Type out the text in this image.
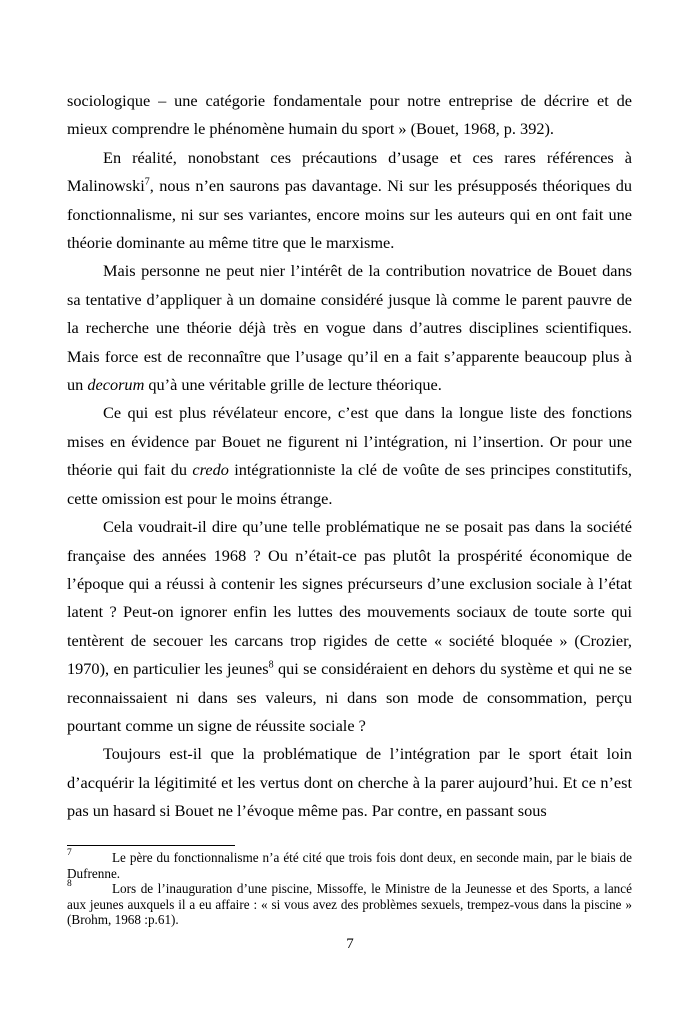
sociologique – une catégorie fondamentale pour notre entreprise de décrire et de mieux comprendre le phénomène humain du sport » (Bouet, 1968, p. 392).

En réalité, nonobstant ces précautions d’usage et ces rares références à Malinowski$^7$, nous n’en saurons pas davantage. Ni sur les présupposés théoriques du fonctionnalisme, ni sur ses variantes, encore moins sur les auteurs qui en ont fait une théorie dominante au même titre que le marxisme.

Mais personne ne peut nier l’intérêt de la contribution novatrice de Bouet dans sa tentative d’appliquer à un domaine considéré jusque là comme le parent pauvre de la recherche une théorie déjà très en vogue dans d’autres disciplines scientifiques. Mais force est de reconnaître que l’usage qu’il en a fait s’apparente beaucoup plus à un decorum qu’à une véritable grille de lecture théorique.

Ce qui est plus révélateur encore, c’est que dans la longue liste des fonctions mises en évidence par Bouet ne figurent ni l’intégration, ni l’insertion. Or pour une théorie qui fait du credo intégrationniste la clé de voûte de ses principes constitutifs, cette omission est pour le moins étrange.

Cela voudrait-il dire qu’une telle problématique ne se posait pas dans la société française des années 1968 ? Ou n’était-ce pas plutôt la prospérité économique de l’époque qui a réussi à contenir les signes précurseurs d’une exclusion sociale à l’état latent ? Peut-on ignorer enfin les luttes des mouvements sociaux de toute sorte qui tentèrent de secouer les carcans trop rigides de cette « société bloquée » (Crozier, 1970), en particulier les jeunes$^8$ qui se considéraient en dehors du système et qui ne se reconnaissaient ni dans ses valeurs, ni dans son mode de consommation, perçu pourtant comme un signe de réussite sociale ?

Toujours est-il que la problématique de l’intégration par le sport était loin d’acquérir la légitimité et les vertus dont on cherche à la parer aujourd’hui. Et ce n’est pas un hasard si Bouet ne l’évoque même pas. Par contre, en passant sous

7	Le père du fonctionnalisme n’a été cité que trois fois dont deux, en seconde main, par le biais de Dufrenne.
8	Lors de l’inauguration d’une piscine, Missoffe, le Ministre de la Jeunesse et des Sports, a lancé aux jeunes auxquels il a eu affaire : « si vous avez des problèmes sexuels, trempez-vous dans la piscine » (Brohm, 1968 :p.61).
7
